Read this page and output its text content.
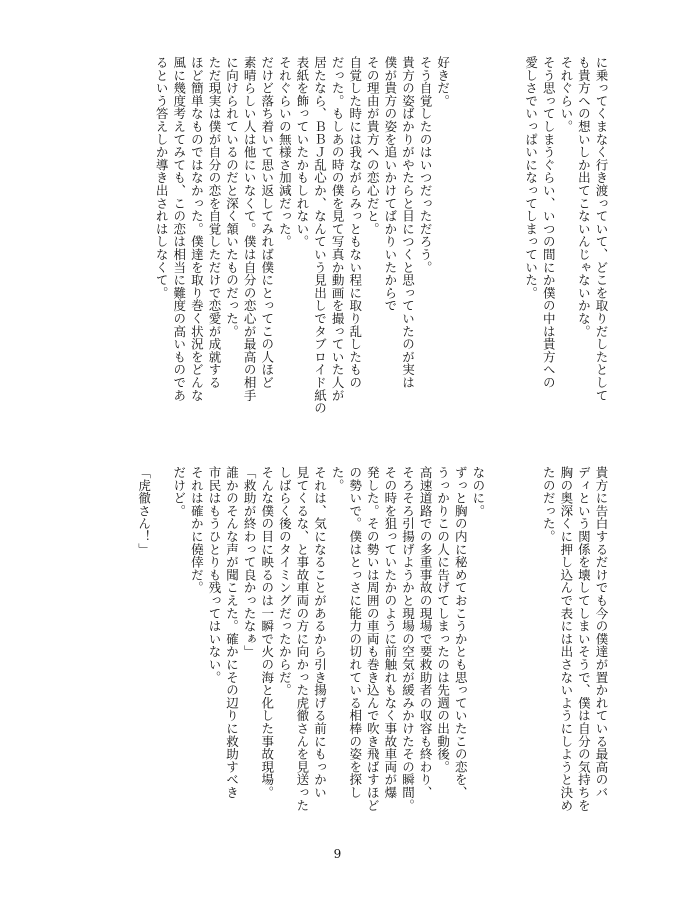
に乗ってくまなく行き渡っていて、どこを取りだしたとして
も貴方への想いしか出てこないんじゃないかな。
それぐらい。
そう思ってしまうぐらい、いつの間にか僕の中は貴方への
愛しさでいっぱいになってしまっていた。

好きだ。
そう自覚したのはいつだっただろう。
貴方の姿ばかりがやたらと目につくと思っていたのが実は
僕が貴方の姿を追いかけてばかりいたからで
その理由が貴方への恋心だと。
自覚した時には我ながらみっともない程に取り乱したもの
だった。もしあの時の僕を見て写真か動画を撮っていた人が
居たなら、ＢＢＪ乱心か、なんていう見出しでタブロイド紙の
表紙を飾っていたかもしれない。
それぐらいの無様さ加減だった。
だけど落ち着いて思い返してみれば僕にとってこの人ほど
素晴らしい人は他にいなくて。僕は自分の恋心が最高の相手
に向けられているのだと深く頷いたものだった。
ただ現実は僕が自分の恋を自覚しただけで恋愛が成就する
ほど簡単なものではなかった。僕達を取り巻く状況をどんな
風に幾度考えてみても、この恋は相当に難度の高いものであ
るという答えしか導き出されはしなくて。
貴方に告白するだけでも今の僕達が置かれている最高のバ
ディという関係を壊してしまいそうで、僕は自分の気持ちを
胸の奥深くに押し込んで表には出さないようにしようと決め
たのだった。

なのに。
ずっと胸の内に秘めておこうかとも思っていたこの恋を、
うっかりこの人に告げてしまったのは先週の出動後。
高速道路での多重事故の現場で要救助者の収容も終わり、
そろそろ引揚げようかと現場の空気が緩みかけたその瞬間。
その時を狙っていたかのように前触れもなく事故車両が爆
発した。その勢いは周囲の車両も巻き込んで吹き飛ばすほど
の勢いで。僕はとっさに能力の切れている相棒の姿を探し
た。
それは、気になることがあるから引き揚げる前にもっかい
見てくるな、と事故車両の方に向かった虎徹さんを見送った
しばらく後のタイミングだったからだ。
そんな僕の目に映るのは一瞬で火の海と化した事故現場。
「救助が終わって良かったなぁ」
誰かのそんな声が聞こえた。確かにその辺りに救助すべき
市民はもうひとりも残ってはいない。
それは確かに僥倖だ。
だけど。

「虎徹さん！」
9
